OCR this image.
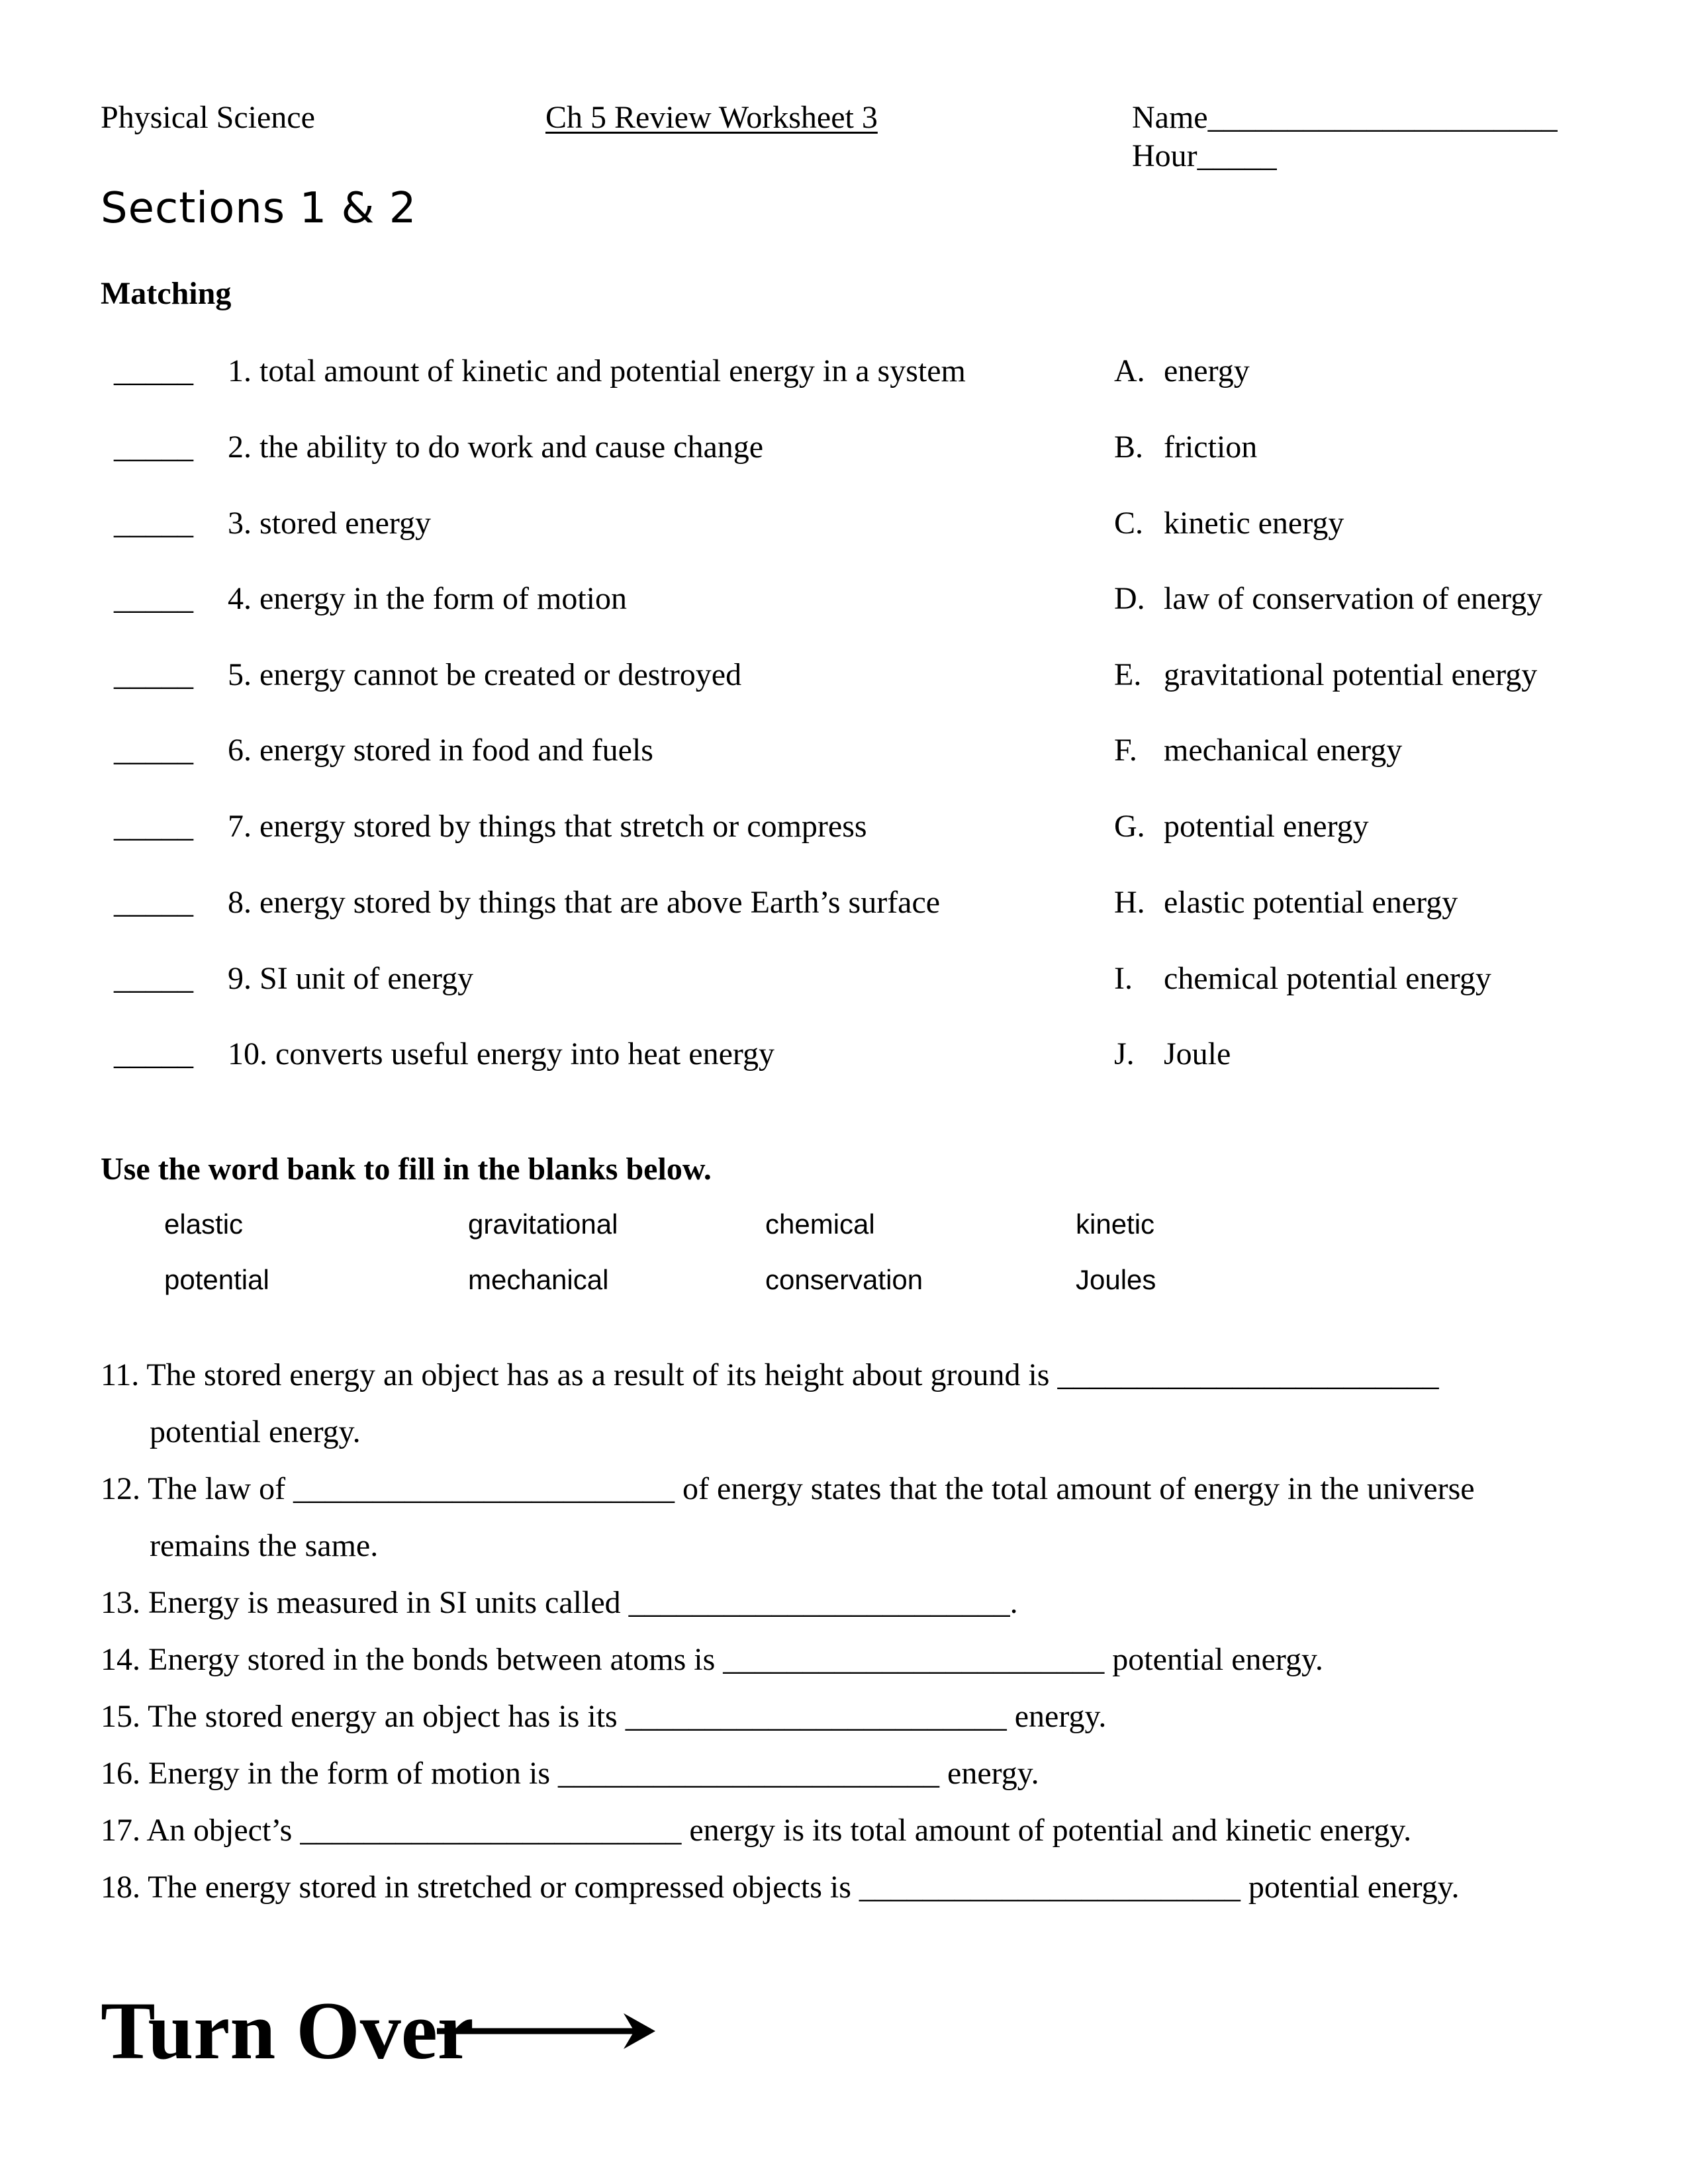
Physical Science	Ch 5 Review Worksheet 3	Name______________________
Hour_____
Sections 1 & 2
Matching
_____ 1. total amount of kinetic and potential energy in a system	A. energy
_____ 2. the ability to do work and cause change	B. friction
_____ 3. stored energy	C. kinetic energy
_____ 4. energy in the form of motion	D. law of conservation of energy
_____ 5. energy cannot be created or destroyed	E. gravitational potential energy
_____ 6. energy stored in food and fuels	F. mechanical energy
_____ 7. energy stored by things that stretch or compress	G. potential energy
_____ 8. energy stored by things that are above Earth’s surface	H. elastic potential energy
_____ 9. SI unit of energy	I. chemical potential energy
_____ 10. converts useful energy into heat energy	J. Joule
Use the word bank to fill in the blanks below.
elastic	gravitational	chemical	kinetic
potential	mechanical	conservation	Joules
11. The stored energy an object has as a result of its height about ground is ________________________
potential energy.
12. The law of ________________________ of energy states that the total amount of energy in the universe
remains the same.
13. Energy is measured in SI units called ________________________.
14. Energy stored in the bonds between atoms is ________________________ potential energy.
15. The stored energy an object has is its ________________________ energy.
16. Energy in the form of motion is ________________________ energy.
17. An object’s ________________________ energy is its total amount of potential and kinetic energy.
18. The energy stored in stretched or compressed objects is ________________________ potential energy.
Turn Over
